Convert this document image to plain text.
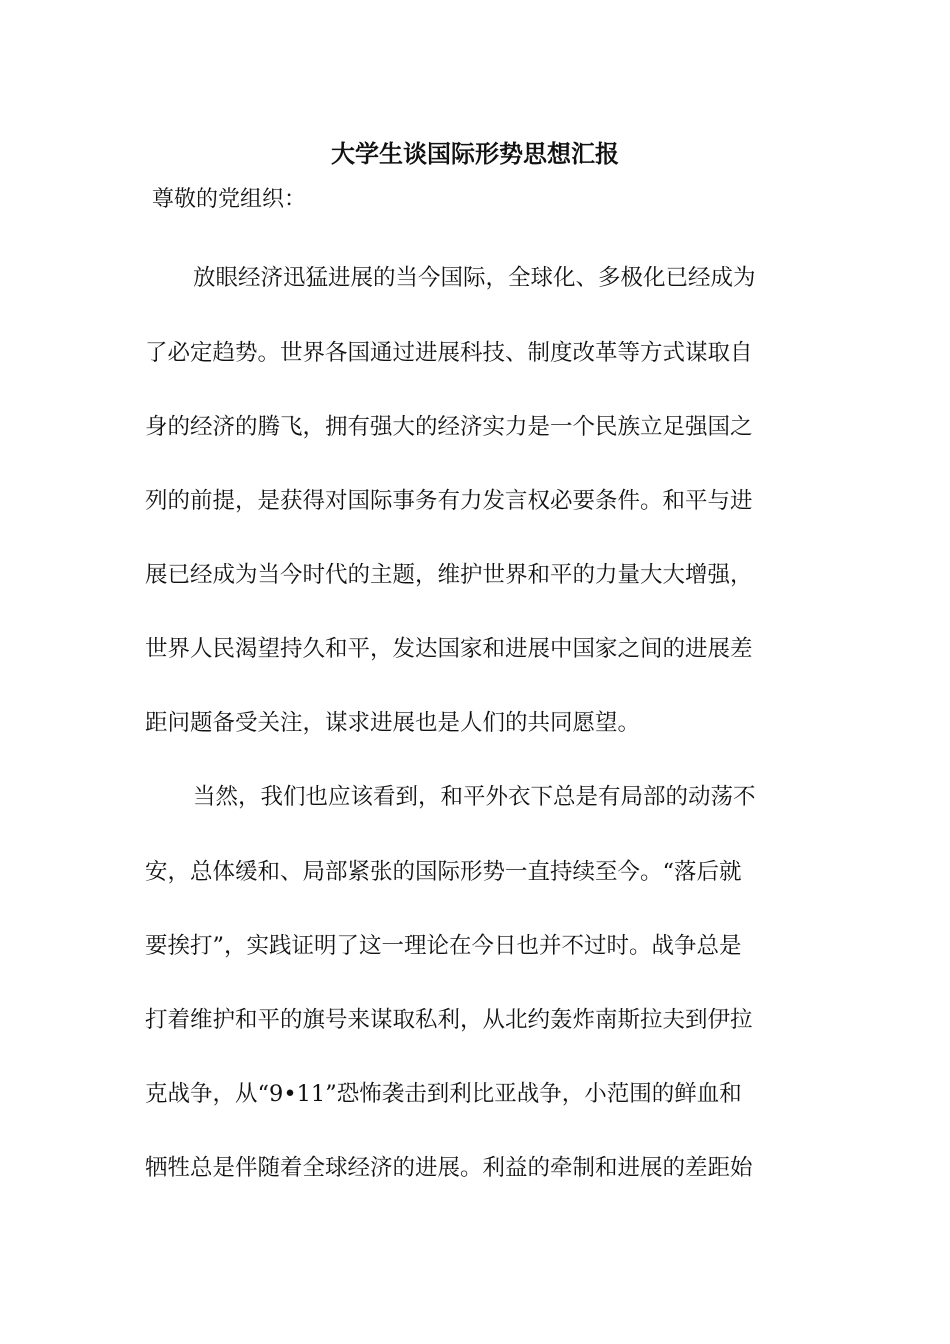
大学生谈国际形势思想汇报

尊敬的党组织：

放眼经济迅猛进展的当今国际，全球化、多极化已经成为

了必定趋势。世界各国通过进展科技、制度改革等方式谋取自

身的经济的腾飞，拥有强大的经济实力是一个民族立足强国之

列的前提，是获得对国际事务有力发言权必要条件。和平与进

展已经成为当今时代的主题，维护世界和平的力量大大增强，

世界人民渴望持久和平，发达国家和进展中国家之间的进展差

距问题备受关注，谋求进展也是人们的共同愿望。

当然，我们也应该看到，和平外衣下总是有局部的动荡不

安，总体缓和、局部紧张的国际形势一直持续至今。“落后就

要挨打”，实践证明了这一理论在今日也并不过时。战争总是

打着维护和平的旗号来谋取私利，从北约轰炸南斯拉夫到伊拉

克战争，从“9•11”恐怖袭击到利比亚战争，小范围的鲜血和

牺牲总是伴随着全球经济的进展。利益的牵制和进展的差距始
